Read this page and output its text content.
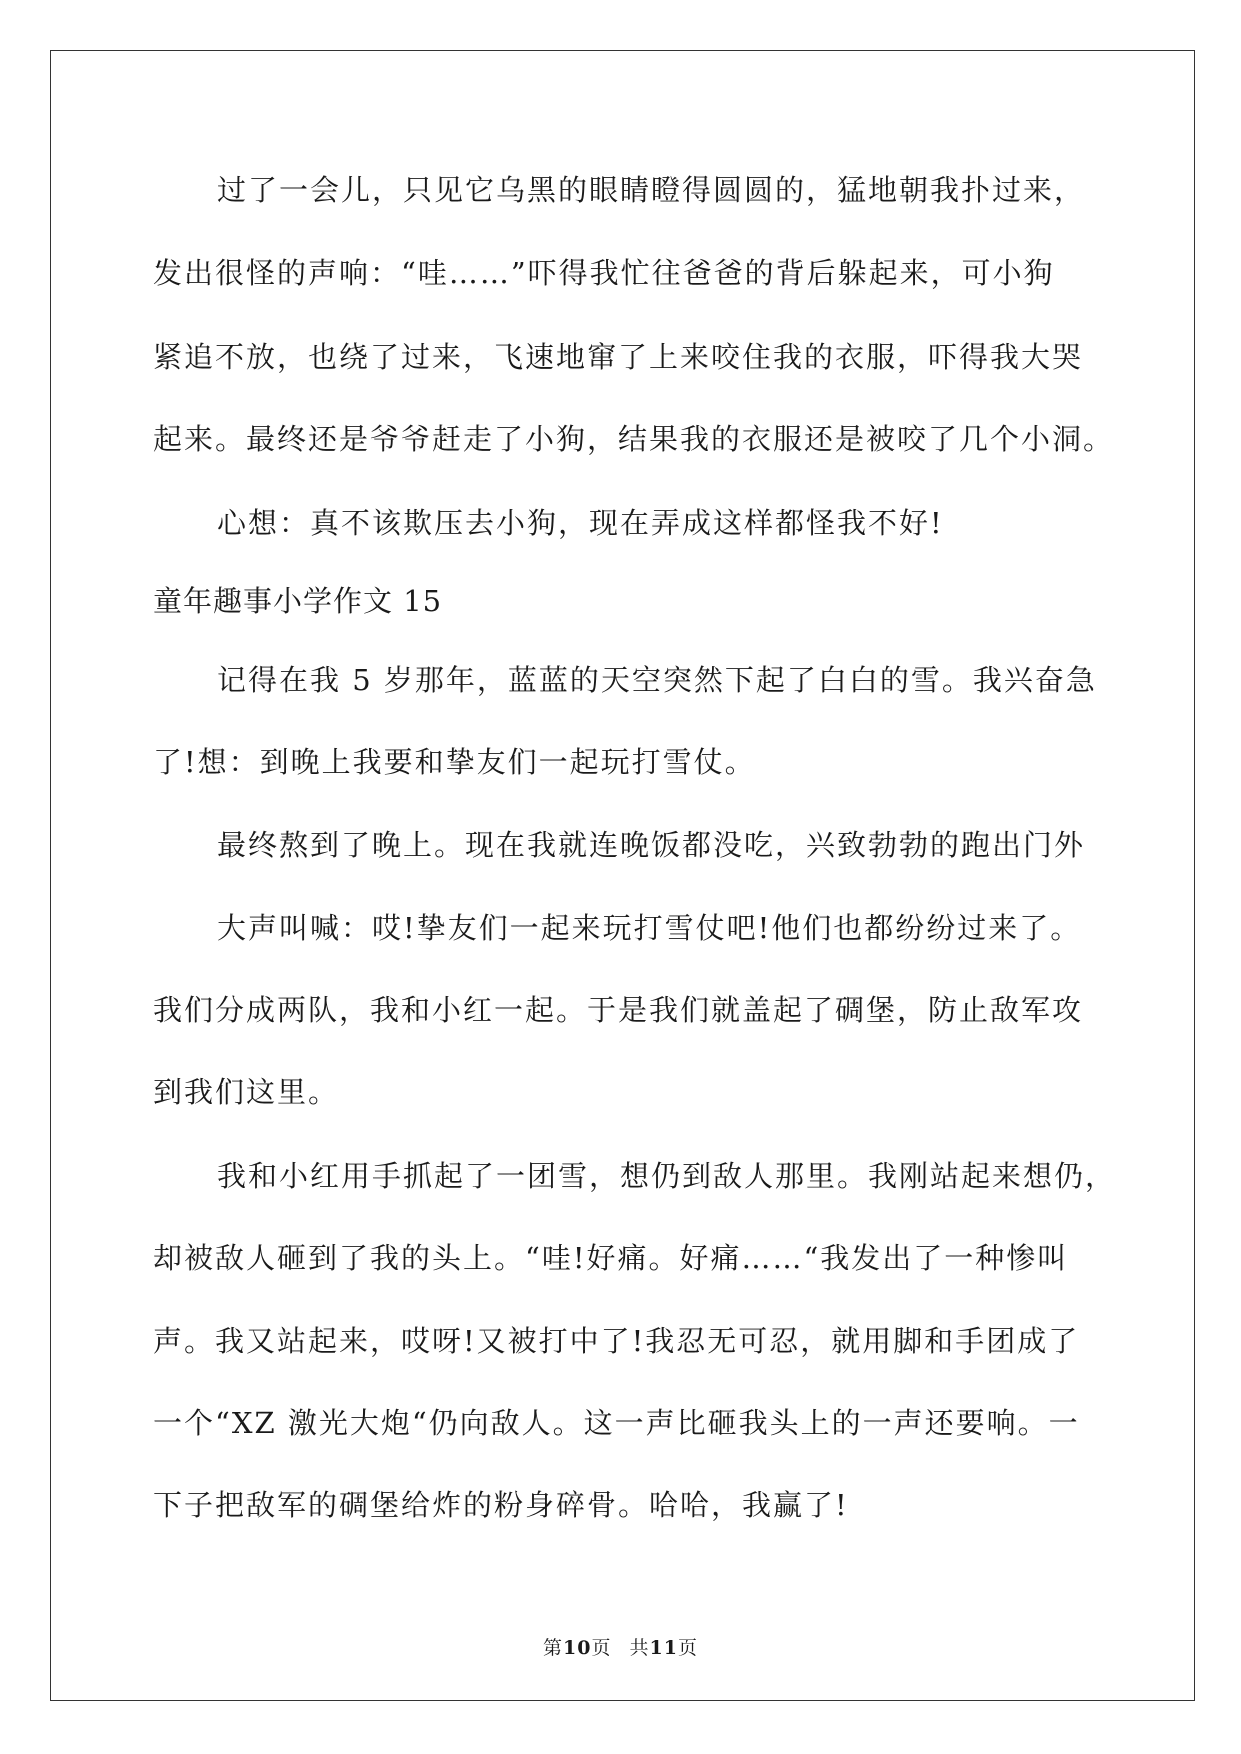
过了一会儿，只见它乌黑的眼睛瞪得圆圆的，猛地朝我扑过来，
发出很怪的声响：“哇……”吓得我忙往爸爸的背后躲起来，可小狗
紧追不放，也绕了过来，飞速地窜了上来咬住我的衣服，吓得我大哭
起来。最终还是爷爷赶走了小狗，结果我的衣服还是被咬了几个小洞。
心想：真不该欺压去小狗，现在弄成这样都怪我不好!
童年趣事小学作文 15
记得在我 5 岁那年，蓝蓝的天空突然下起了白白的雪。我兴奋急
了!想：到晚上我要和挚友们一起玩打雪仗。
最终熬到了晚上。现在我就连晚饭都没吃，兴致勃勃的跑出门外
大声叫喊：哎!挚友们一起来玩打雪仗吧!他们也都纷纷过来了。
我们分成两队，我和小红一起。于是我们就盖起了碉堡，防止敌军攻
到我们这里。
我和小红用手抓起了一团雪，想仍到敌人那里。我刚站起来想仍，
却被敌人砸到了我的头上。“哇!好痛。好痛……“我发出了一种惨叫
声。我又站起来，哎呀!又被打中了!我忍无可忍，就用脚和手团成了
一个“XZ 激光大炮“仍向敌人。这一声比砸我头上的一声还要响。一
下子把敌军的碉堡给炸的粉身碎骨。哈哈，我赢了!
第10页 共11页
